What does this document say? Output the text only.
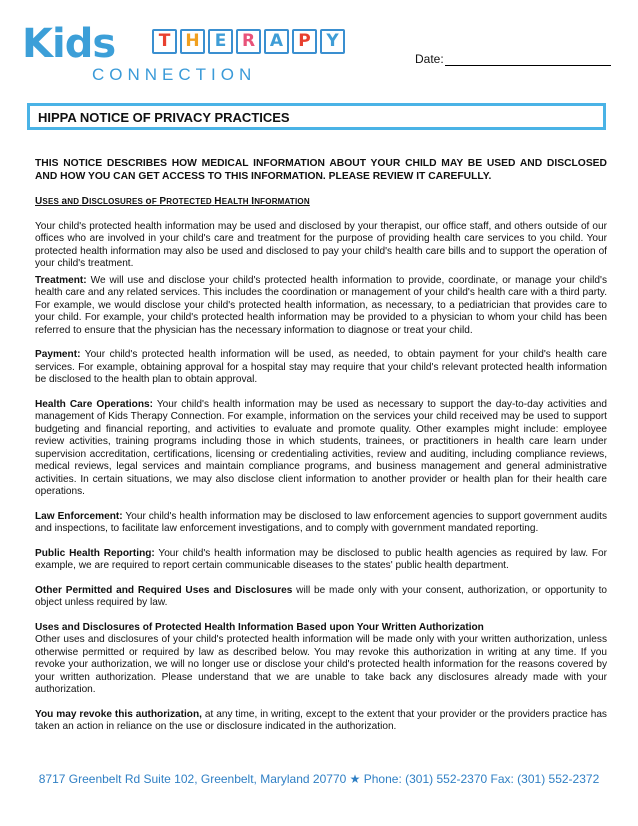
Kids	T H E R A P Y
CONNECTION
Date:
HIPPA NOTICE OF PRIVACY PRACTICES

THIS NOTICE DESCRIBES HOW MEDICAL INFORMATION ABOUT YOUR CHILD MAY BE USED AND DISCLOSED AND HOW YOU CAN GET ACCESS TO THIS INFORMATION. PLEASE REVIEW IT CAREFULLY.

USES aND DISCLOSURES oF PROTECTED HEALTH INFORMATION

Your child's protected health information may be used and disclosed by your therapist, our office staff, and others outside of our offices who are involved in your child's care and treatment for the purpose of providing health care services to you child. Your protected health information may also be used and disclosed to pay your child's health care bills and to support the operation of your child's treatment.

Treatment: We will use and disclose your child's protected health information to provide, coordinate, or manage your child's health care and any related services. This includes the coordination or management of your child's health care with a third party. For example, we would disclose your child's protected health information, as necessary, to a pediatrician that provides care to your child. For example, your child's protected health information may be provided to a physician to whom your child has been referred to ensure that the physician has the necessary information to diagnose or treat your child.

Payment: Your child's protected health information will be used, as needed, to obtain payment for your child's health care services. For example, obtaining approval for a hospital stay may require that your child's relevant protected health information be disclosed to the health plan to obtain approval.

Health Care Operations: Your child's health information may be used as necessary to support the day-to-day activities and management of Kids Therapy Connection. For example, information on the services your child received may be used to support budgeting and financial reporting, and activities to evaluate and promote quality. Other examples might include: employee review activities, training programs including those in which students, trainees, or practitioners in health care learn under supervision accreditation, certifications, licensing or credentialing activities, review and auditing, including compliance reviews, medical reviews, legal services and maintain compliance programs, and business management and general administrative activities. In certain situations, we may also disclose client information to another provider or health plan for their health care operations.

Law Enforcement: Your child's health information may be disclosed to law enforcement agencies to support government audits and inspections, to facilitate law enforcement investigations, and to comply with government mandated reporting.

Public Health Reporting: Your child's health information may be disclosed to public health agencies as required by law. For example, we are required to report certain communicable diseases to the states' public health department.

Other Permitted and Required Uses and Disclosures will be made only with your consent, authorization, or opportunity to object unless required by law.

Uses and Disclosures of Protected Health Information Based upon Your Written Authorization
Other uses and disclosures of your child's protected health information will be made only with your written authorization, unless otherwise permitted or required by law as described below. You may revoke this authorization in writing at any time. If you revoke your authorization, we will no longer use or disclose your child's protected health information for the reasons covered by your written authorization. Please understand that we are unable to take back any disclosures already made with your authorization.

You may revoke this authorization, at any time, in writing, except to the extent that your provider or the providers practice has taken an action in reliance on the use or disclosure indicated in the authorization.

8717 Greenbelt Rd Suite 102, Greenbelt, Maryland 20770 ★ Phone: (301) 552-2370 Fax: (301) 552-2372
